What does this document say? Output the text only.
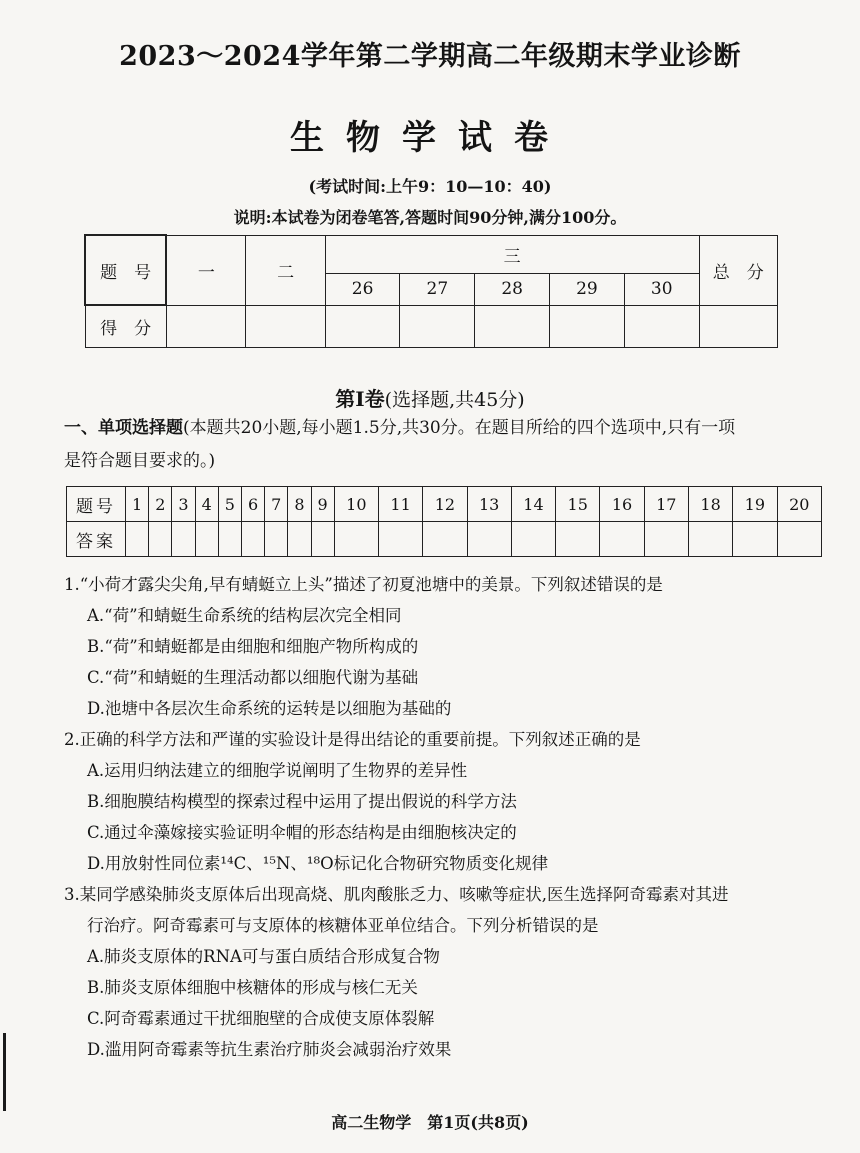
2023～2024学年第二学期高二年级期末学业诊断
生物学试卷
(考试时间:上午9：10—10：40)
说明:本试卷为闭卷笔答,答题时间90分钟,满分100分。
题　号	一	二	三					总　分
			26	27	28	29	30	
得　分								
第Ⅰ卷(选择题,共45分)
一、单项选择题(本题共20小题,每小题1.5分,共30分。在题目所给的四个选项中,只有一项
是符合题目要求的。)
题号	1	2	3	4	5	6	7	8	9	10	11	12	13	14	15	16	17	18	19	20
答案																				
1.“小荷才露尖尖角,早有蜻蜓立上头”描述了初夏池塘中的美景。下列叙述错误的是
A.“荷”和蜻蜓生命系统的结构层次完全相同
B.“荷”和蜻蜓都是由细胞和细胞产物所构成的
C.“荷”和蜻蜓的生理活动都以细胞代谢为基础
D.池塘中各层次生命系统的运转是以细胞为基础的
2.正确的科学方法和严谨的实验设计是得出结论的重要前提。下列叙述正确的是
A.运用归纳法建立的细胞学说阐明了生物界的差异性
B.细胞膜结构模型的探索过程中运用了提出假说的科学方法
C.通过伞藻嫁接实验证明伞帽的形态结构是由细胞核决定的
D.用放射性同位素¹⁴C、¹⁵N、¹⁸O标记化合物研究物质变化规律
3.某同学感染肺炎支原体后出现高烧、肌肉酸胀乏力、咳嗽等症状,医生选择阿奇霉素对其进
行治疗。阿奇霉素可与支原体的核糖体亚单位结合。下列分析错误的是
A.肺炎支原体的RNA可与蛋白质结合形成复合物
B.肺炎支原体细胞中核糖体的形成与核仁无关
C.阿奇霉素通过干扰细胞壁的合成使支原体裂解
D.滥用阿奇霉素等抗生素治疗肺炎会减弱治疗效果
高二生物学　第1页(共8页)
